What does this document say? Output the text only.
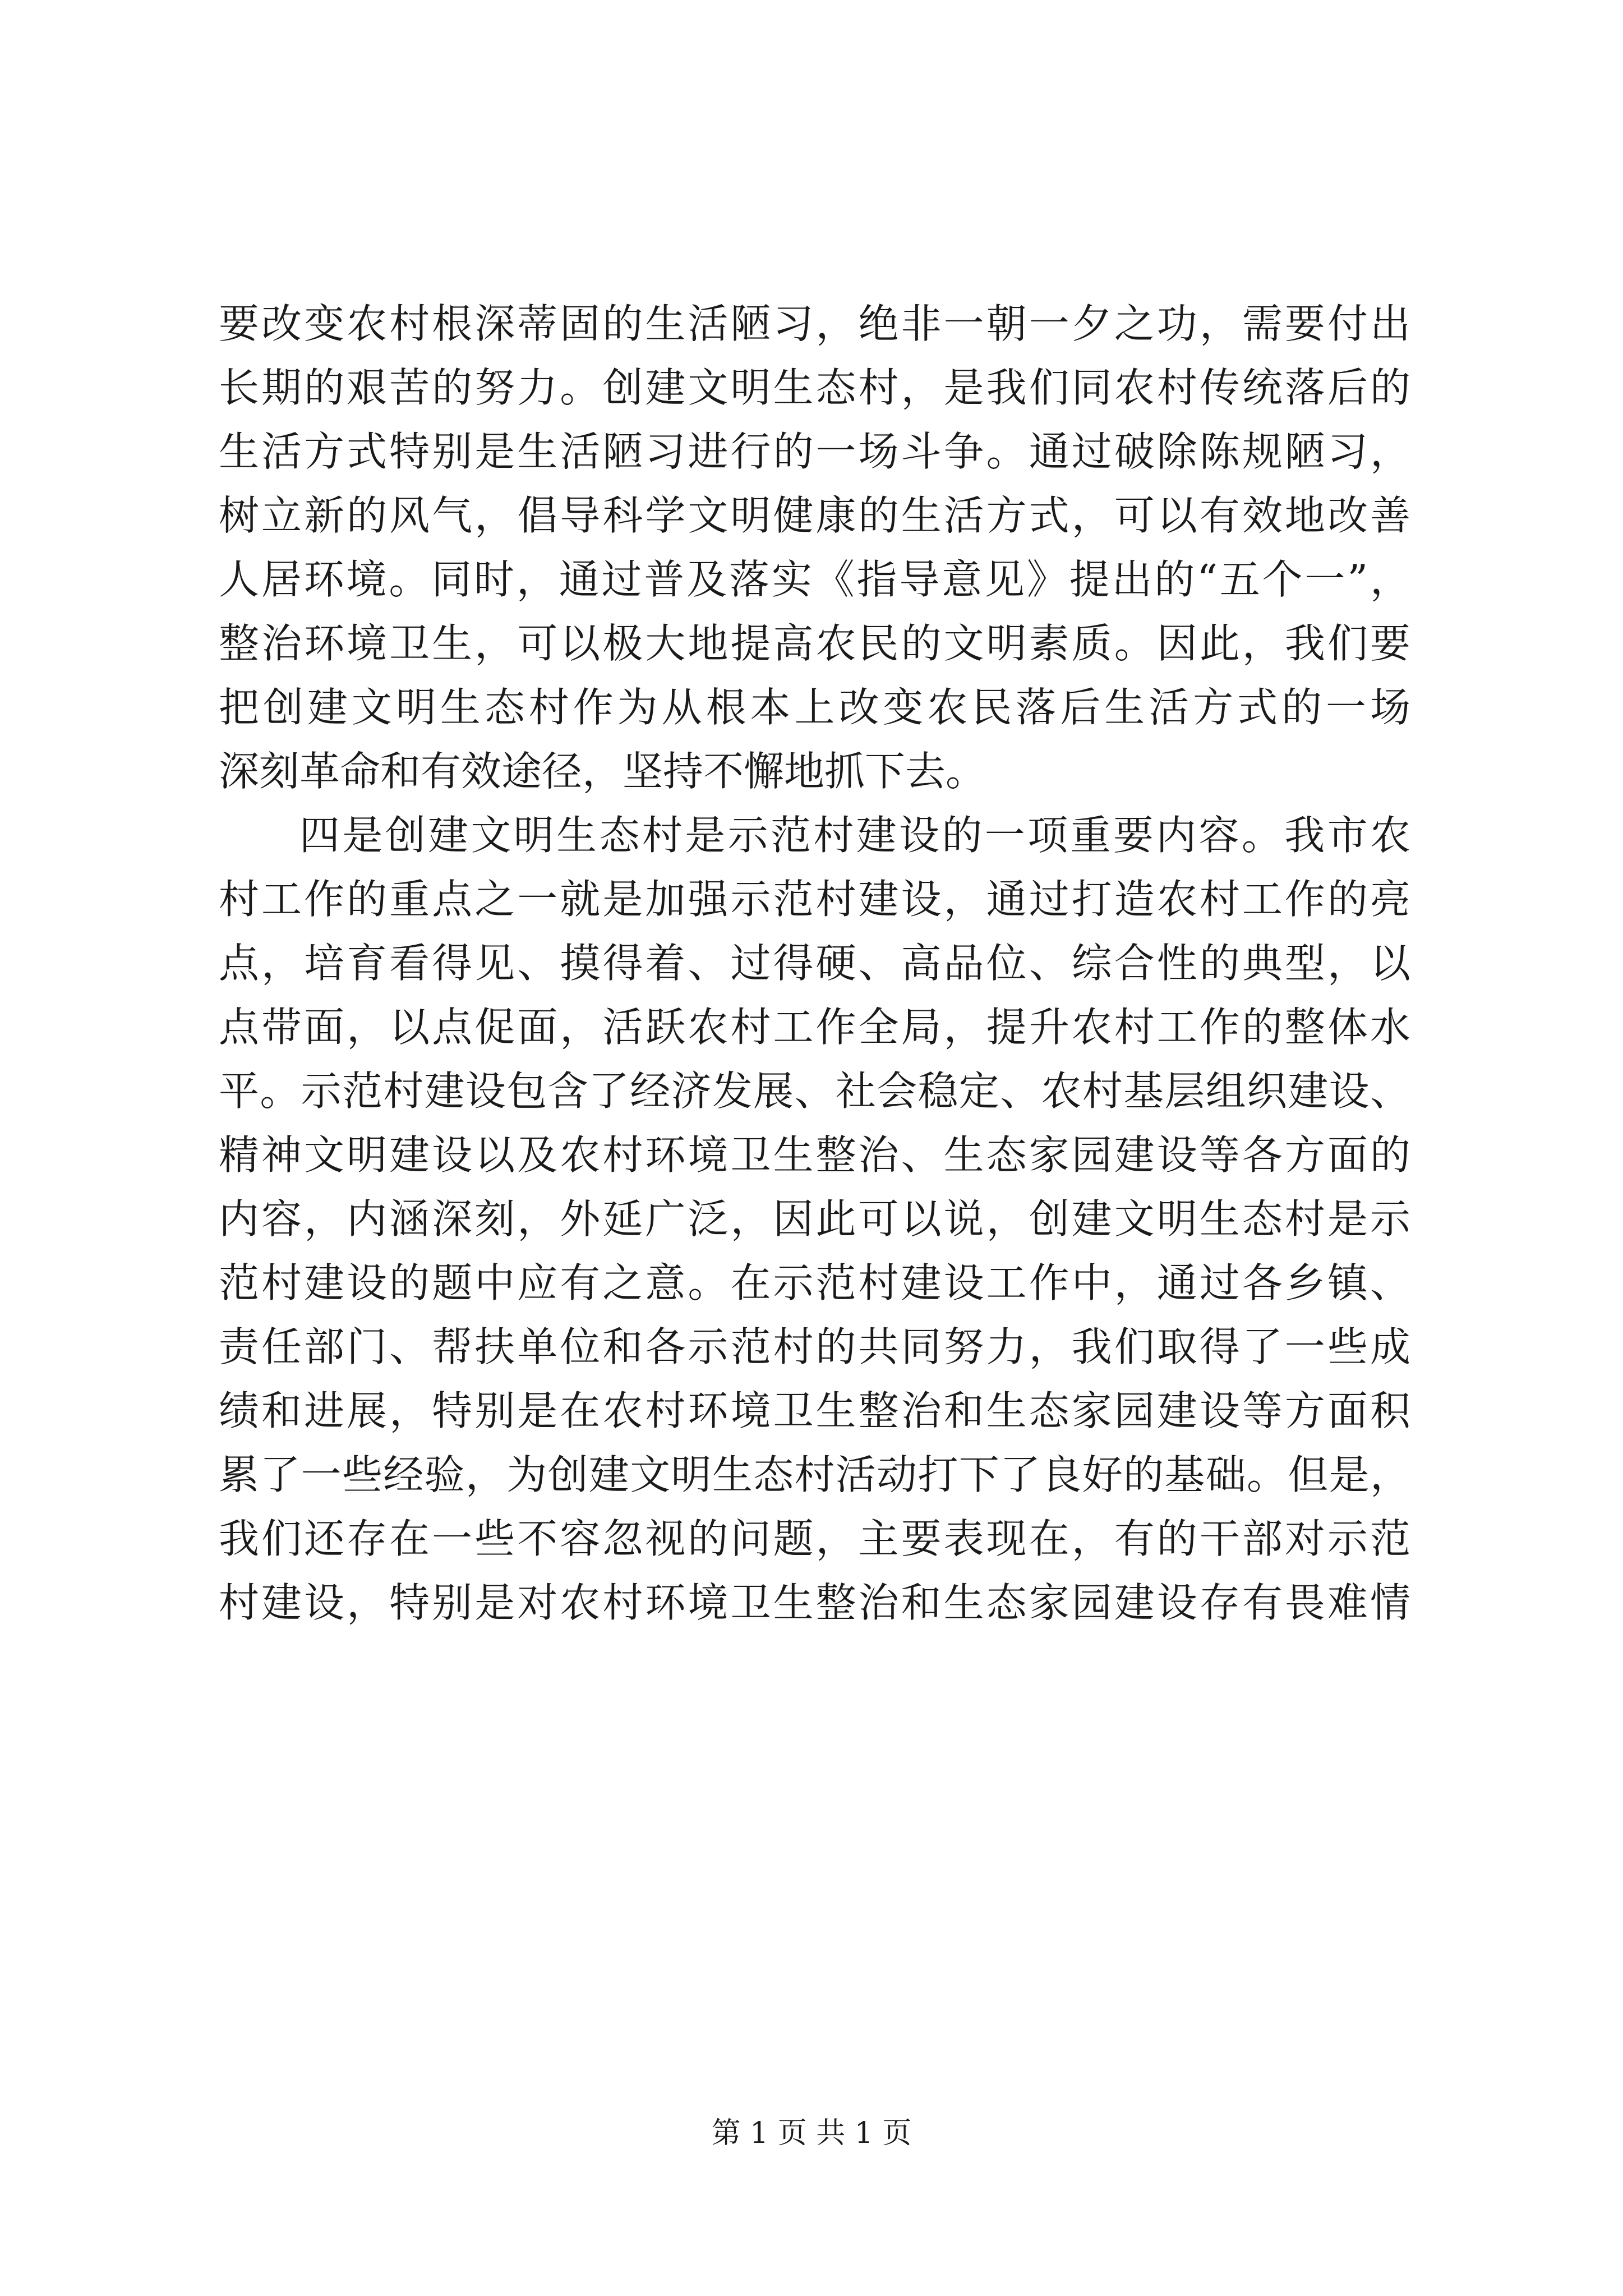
要改变农村根深蒂固的生活陋习，绝非一朝一夕之功，需要付出
长期的艰苦的努力。创建文明生态村，是我们同农村传统落后的
生活方式特别是生活陋习进行的一场斗争。通过破除陈规陋习，
树立新的风气，倡导科学文明健康的生活方式，可以有效地改善
人居环境。同时，通过普及落实《指导意见》提出的“五个一”，
整治环境卫生，可以极大地提高农民的文明素质。因此，我们要
把创建文明生态村作为从根本上改变农民落后生活方式的一场
深刻革命和有效途径，坚持不懈地抓下去。
四是创建文明生态村是示范村建设的一项重要内容。我市农
村工作的重点之一就是加强示范村建设，通过打造农村工作的亮
点，培育看得见、摸得着、过得硬、高品位、综合性的典型，以
点带面，以点促面，活跃农村工作全局，提升农村工作的整体水
平。示范村建设包含了经济发展、社会稳定、农村基层组织建设、
精神文明建设以及农村环境卫生整治、生态家园建设等各方面的
内容，内涵深刻，外延广泛，因此可以说，创建文明生态村是示
范村建设的题中应有之意。在示范村建设工作中，通过各乡镇、
责任部门、帮扶单位和各示范村的共同努力，我们取得了一些成
绩和进展，特别是在农村环境卫生整治和生态家园建设等方面积
累了一些经验，为创建文明生态村活动打下了良好的基础。但是，
我们还存在一些不容忽视的问题，主要表现在，有的干部对示范
村建设，特别是对农村环境卫生整治和生态家园建设存有畏难情
第 1 页 共 1 页
